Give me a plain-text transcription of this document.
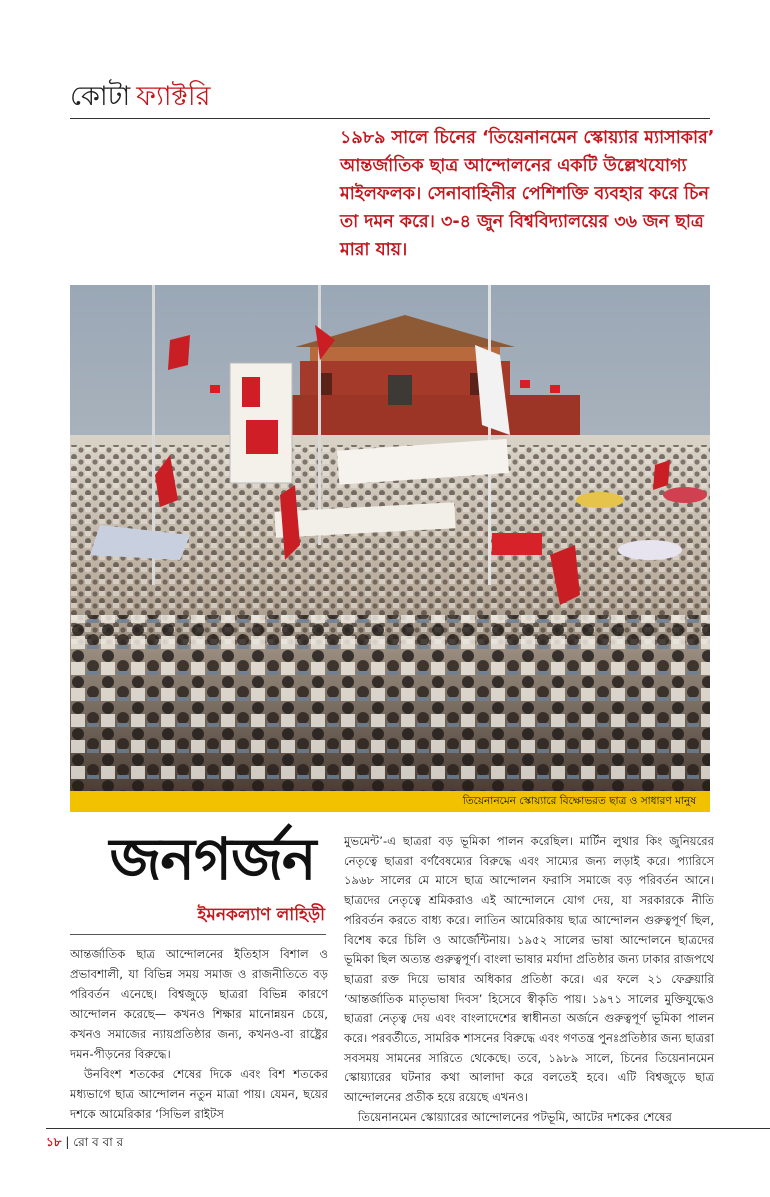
কোটা ফ্যাক্টরি
১৯৮৯ সালে চিনের ‘তিয়েনানমেন স্কোয়্যার ম্যাসাকার’ আন্তর্জাতিক ছাত্র আন্দোলনের একটি উল্লেখযোগ্য মাইলফলক। সেনাবাহিনীর পেশিশক্তি ব্যবহার করে চিন তা দমন করে। ৩-৪ জুন বিশ্ববিদ্যালয়ের ৩৬ জন ছাত্র মারা যায়।
তিয়েনানমেন স্কোয়্যারে বিক্ষোভরত ছাত্র ও সাধারণ মানুষ
জনগর্জন
ইমনকল্যাণ লাহিড়ী

আন্তর্জাতিক ছাত্র আন্দোলনের ইতিহাস বিশাল ও প্রভাবশালী, যা বিভিন্ন সময় সমাজ ও রাজনীতিতে বড় পরিবর্তন এনেছে। বিশ্বজুড়ে ছাত্ররা বিভিন্ন কারণে আন্দোলন করেছে— কখনও শিক্ষার মানোন্নয়ন চেয়ে, কখনও সমাজের ন্যায়প্রতিষ্ঠার জন্য, কখনও-বা রাষ্ট্রের দমন-পীড়নের বিরুদ্ধে।

উনবিংশ শতকের শেষের দিকে এবং বিশ শতকের মধ্যভাগে ছাত্র আন্দোলন নতুন মাত্রা পায়। যেমন, ছয়ের দশকে আমেরিকার ‘সিভিল রাইটস

মুভমেন্ট’-এ ছাত্ররা বড় ভূমিকা পালন করেছিল। মার্টিন লুথার কিং জুনিয়রের নেতৃত্বে ছাত্ররা বর্ণবৈষম্যের বিরুদ্ধে এবং সাম্যের জন্য লড়াই করে। প্যারিসে ১৯৬৮ সালের মে মাসে ছাত্র আন্দোলন ফরাসি সমাজে বড় পরিবর্তন আনে। ছাত্রদের নেতৃত্বে শ্রমিকরাও এই আন্দোলনে যোগ দেয়, যা সরকারকে নীতি পরিবর্তন করতে বাধ্য করে। লাতিন আমেরিকায় ছাত্র আন্দোলন গুরুত্বপূর্ণ ছিল, বিশেষ করে চিলি ও আর্জেন্টিনায়। ১৯৫২ সালের ভাষা আন্দোলনে ছাত্রদের ভূমিকা ছিল অত্যন্ত গুরুত্বপূর্ণ। বাংলা ভাষার মর্যাদা প্রতিষ্ঠার জন্য ঢাকার রাজপথে ছাত্ররা রক্ত দিয়ে ভাষার অধিকার প্রতিষ্ঠা করে। এর ফলে ২১ ফেব্রুয়ারি ‘আন্তর্জাতিক মাতৃভাষা দিবস’ হিসেবে স্বীকৃতি পায়। ১৯৭১ সালের মুক্তিযুদ্ধেও ছাত্ররা নেতৃত্ব দেয় এবং বাংলাদেশের স্বাধীনতা অর্জনে গুরুত্বপূর্ণ ভূমিকা পালন করে। পরবর্তীতে, সামরিক শাসনের বিরুদ্ধে এবং গণতন্ত্র পুনঃপ্রতিষ্ঠার জন্য ছাত্ররা সবসময় সামনের সারিতে থেকেছে। তবে, ১৯৮৯ সালে, চিনের তিয়েনানমেন স্কোয়্যারের ঘটনার কথা আলাদা করে বলতেই হবে। এটি বিশ্বজুড়ে ছাত্র আন্দোলনের প্রতীক হয়ে রয়েছে এখনও।

তিয়েনানমেন স্কোয়্যারের আন্দোলনের পটভূমি, আটের দশকের শেষের

১৮ | রো ব বা র
